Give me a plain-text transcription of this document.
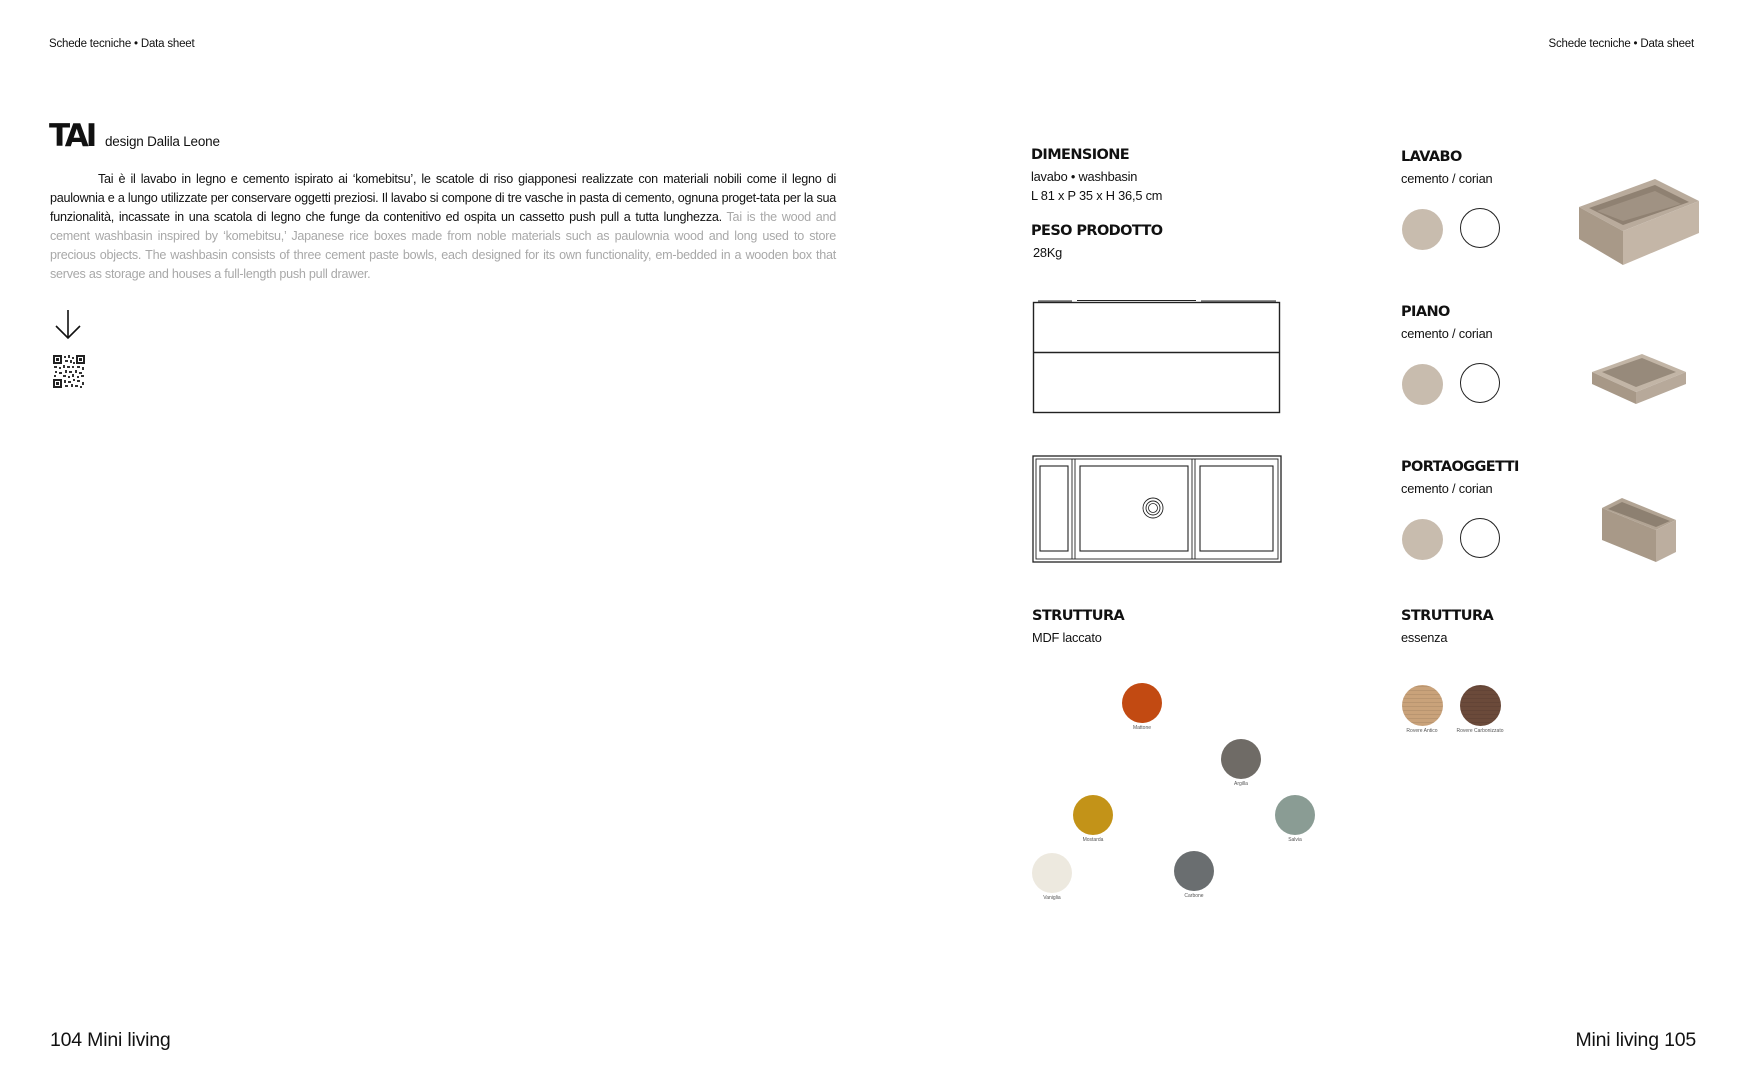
Schede tecniche • Data sheet	Schede tecniche • Data sheet
TAI design Dalila Leone
Tai è il lavabo in legno e cemento ispirato ai ‘komebitsu’, le scatole di riso giapponesi realizzate con materiali nobili come il legno di paulownia e a lungo utilizzate per conservare oggetti preziosi. Il lavabo si compone di tre vasche in pasta di cemento, ognuna proget-tata per la sua funzionalità, incassate in una scatola di legno che funge da contenitivo ed ospita un cassetto push pull a tutta lunghezza. Tai is the wood and cement washbasin inspired by ‘komebitsu,’ Japanese rice boxes made from noble materials such as paulownia wood and long used to store precious objects. The washbasin consists of three cement paste bowls, each designed for its own functionality, em-bedded in a wooden box that serves as storage and houses a full-length push pull drawer.
DIMENSIONE
lavabo • washbasin
L 81 x P 35 x H 36,5 cm
PESO PRODOTTO
28Kg
STRUTTURA
MDF laccato
Mattone
Argilla
Mostarda	Salvia
Vaniglia	Carbone
LAVABO
cemento / corian
PIANO
cemento / corian
PORTAOGGETTI
cemento / corian
STRUTTURA
essenza
Rovere Antico	Rovere Carbonizzato
104 Mini living	Mini living 105
